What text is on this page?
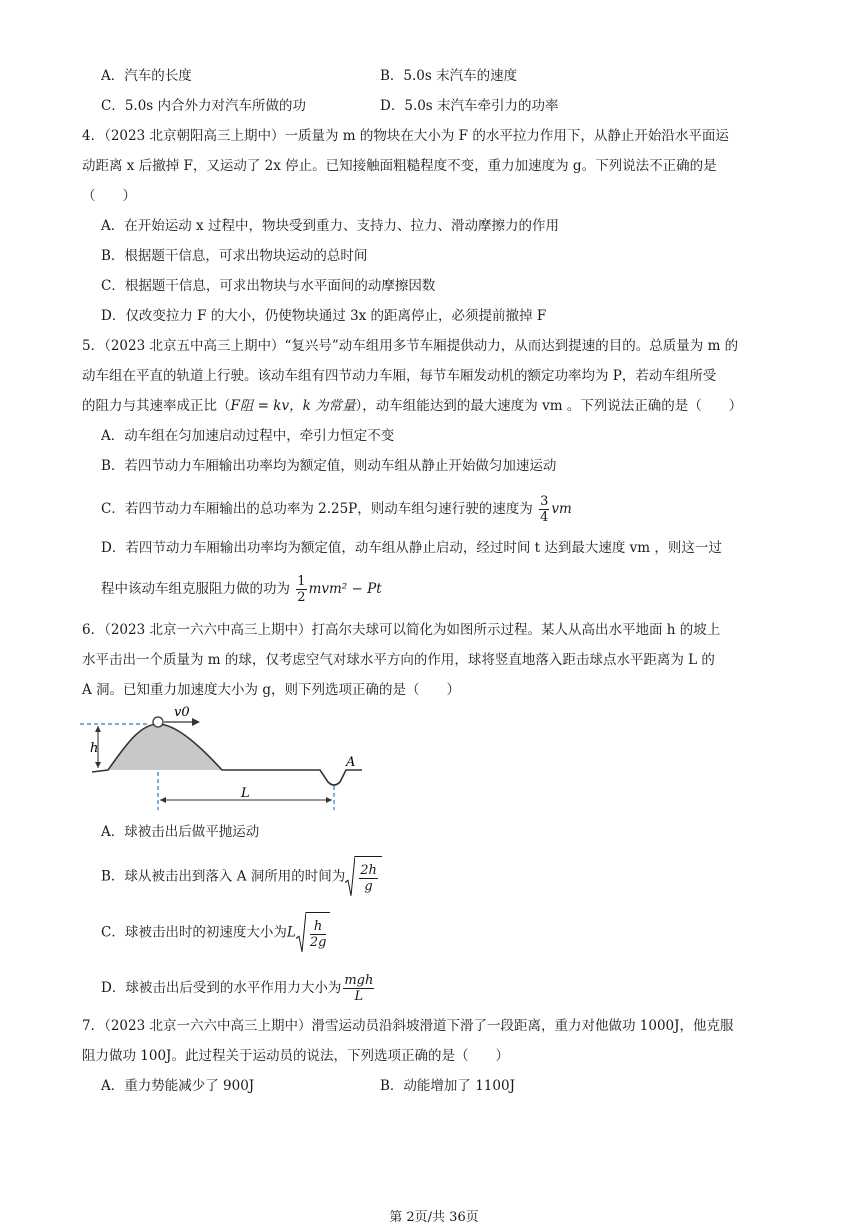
A．汽车的长度	B．5.0s 末汽车的速度
C．5.0s 内合外力对汽车所做的功	D．5.0s 末汽车牵引力的功率
4．（2023 北京朝阳高三上期中）一质量为 m 的物块在大小为 F 的水平拉力作用下，从静止开始沿水平面运
动距离 x 后撤掉 F，又运动了 2x 停止。已知接触面粗糙程度不变，重力加速度为 g。下列说法不正确的是
（　　）
A．在开始运动 x 过程中，物块受到重力、支持力、拉力、滑动摩擦力的作用
B．根据题干信息，可求出物块运动的总时间
C．根据题干信息，可求出物块与水平面间的动摩擦因数
D．仅改变拉力 F 的大小，仍使物块通过 3x 的距离停止，必须提前撤掉 F
5．（2023 北京五中高三上期中）“复兴号”动车组用多节车厢提供动力，从而达到提速的目的。总质量为 m 的
动车组在平直的轨道上行驶。该动车组有四节动力车厢，每节车厢发动机的额定功率均为 P，若动车组所受
的阻力与其速率成正比（F阻 = kv，k 为常量），动车组能达到的最大速度为 vm 。下列说法正确的是（　　）
A．动车组在匀加速启动过程中，牵引力恒定不变
B．若四节动力车厢输出功率均为额定值，则动车组从静止开始做匀加速运动
C．若四节动力车厢输出的总功率为 2.25P，则动车组匀速行驶的速度为 $\frac{3}{4}$ vm
D．若四节动力车厢输出功率均为额定值，动车组从静止启动，经过时间 t 达到最大速度 vm ，则这一过
程中该动车组克服阻力做的功为 $\frac{1}{2} mvm^2 - Pt$
6．（2023 北京一六六中高三上期中）打高尔夫球可以简化为如图所示过程。某人从高出水平地面 h 的坡上
水平击出一个质量为 m 的球，仅考虑空气对球水平方向的作用，球将竖直地落入距击球点水平距离为 L 的
A 洞。已知重力加速度大小为 g，则下列选项正确的是（　　）
v0
h
L
A
A．球被击出后做平抛运动
B．球从被击出到落入 A 洞所用的时间为 $\frac{2h}{g}$
C．球被击出时的初速度大小为L $\frac{h}{2g}$
D．球被击出后受到的水平作用力大小为 $\frac{\text{mgh}}{L}$
7．（2023 北京一六六中高三上期中）滑雪运动员沿斜坡滑道下滑了一段距离，重力对他做功 1000J，他克服
阻力做功 100J。此过程关于运动员的说法，下列选项正确的是（　　）
A．重力势能减少了 900J	B．动能增加了 1100J
第 2页/共 36页
